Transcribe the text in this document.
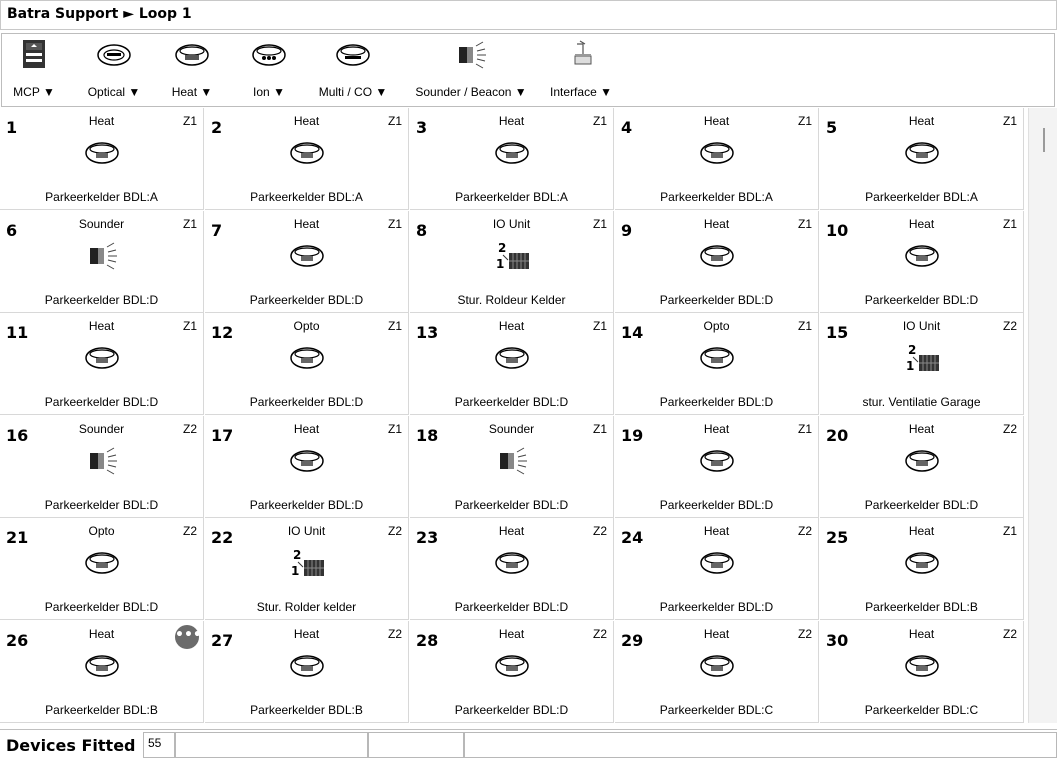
Batra Support ► Loop 1
MCP ▼	Optical ▼	Heat ▼	Ion ▼	Multi / CO ▼	Sounder / Beacon ▼	Interface ▼
1	Heat	Z1
Parkeerkelder BDL:A
2	Heat	Z1
Parkeerkelder BDL:A
3	Heat	Z1
Parkeerkelder BDL:A
4	Heat	Z1
Parkeerkelder BDL:A
5	Heat	Z1
Parkeerkelder BDL:A
6	Sounder	Z1
Parkeerkelder BDL:D
7	Heat	Z1
Parkeerkelder BDL:D
8	IO Unit	Z1
2
1
Stur. Roldeur Kelder
9	Heat	Z1
Parkeerkelder BDL:D
10	Heat	Z1
Parkeerkelder BDL:D
11	Heat	Z1
Parkeerkelder BDL:D
12	Opto	Z1
Parkeerkelder BDL:D
13	Heat	Z1
Parkeerkelder BDL:D
14	Opto	Z1
Parkeerkelder BDL:D
15	IO Unit	Z2
2
1
stur. Ventilatie Garage
16	Sounder	Z2
Parkeerkelder BDL:D
17	Heat	Z1
Parkeerkelder BDL:D
18	Sounder	Z1
Parkeerkelder BDL:D
19	Heat	Z1
Parkeerkelder BDL:D
20	Heat	Z2
Parkeerkelder BDL:D
21	Opto	Z2
Parkeerkelder BDL:D
22	IO Unit	Z2
2
1
Stur. Rolder kelder
23	Heat	Z2
Parkeerkelder BDL:D
24	Heat	Z2
Parkeerkelder BDL:D
25	Heat	Z1
Parkeerkelder BDL:B
26	Heat	•••
Parkeerkelder BDL:B
27	Heat	Z2
Parkeerkelder BDL:B
28	Heat	Z2
Parkeerkelder BDL:D
29	Heat	Z2
Parkeerkelder BDL:C
30	Heat	Z2
Parkeerkelder BDL:C
Devices Fitted	55
